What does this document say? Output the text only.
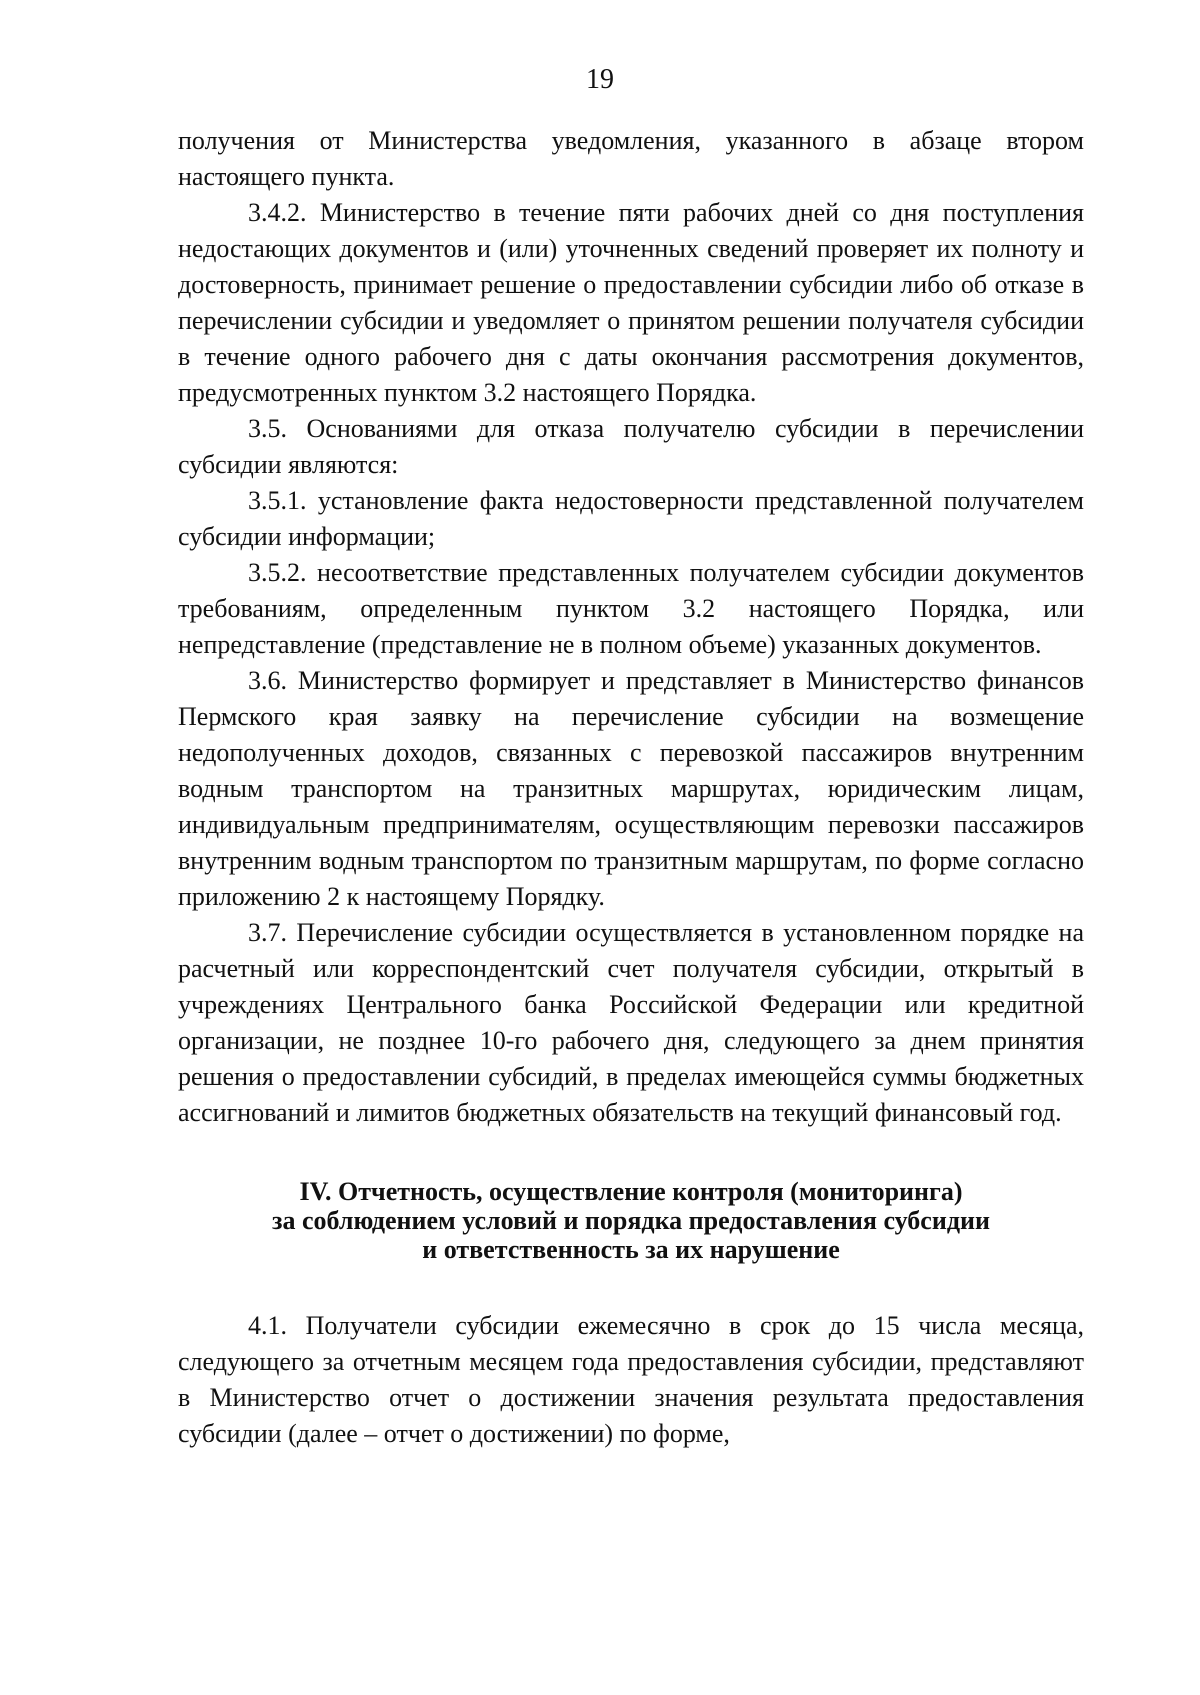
19

получения от Министерства уведомления, указанного в абзаце втором настоящего пункта.

3.4.2. Министерство в течение пяти рабочих дней со дня поступления недостающих документов и (или) уточненных сведений проверяет их полноту и достоверность, принимает решение о предоставлении субсидии либо об отказе в перечислении субсидии и уведомляет о принятом решении получателя субсидии в течение одного рабочего дня с даты окончания рассмотрения документов, предусмотренных пунктом 3.2 настоящего Порядка.

3.5. Основаниями для отказа получателю субсидии в перечислении субсидии являются:

3.5.1. установление факта недостоверности представленной получателем субсидии информации;

3.5.2. несоответствие представленных получателем субсидии документов требованиям, определенным пунктом 3.2 настоящего Порядка, или непредставление (представление не в полном объеме) указанных документов.

3.6. Министерство формирует и представляет в Министерство финансов Пермского края заявку на перечисление субсидии на возмещение недополученных доходов, связанных с перевозкой пассажиров внутренним водным транспортом на транзитных маршрутах, юридическим лицам, индивидуальным предпринимателям, осуществляющим перевозки пассажиров внутренним водным транспортом по транзитным маршрутам, по форме согласно приложению 2 к настоящему Порядку.

3.7. Перечисление субсидии осуществляется в установленном порядке на расчетный или корреспондентский счет получателя субсидии, открытый в учреждениях Центрального банка Российской Федерации или кредитной организации, не позднее 10-го рабочего дня, следующего за днем принятия решения о предоставлении субсидий, в пределах имеющейся суммы бюджетных ассигнований и лимитов бюджетных обязательств на текущий финансовый год.

IV. Отчетность, осуществление контроля (мониторинга)
за соблюдением условий и порядка предоставления субсидии
и ответственность за их нарушение

4.1. Получатели субсидии ежемесячно в срок до 15 числа месяца, следующего за отчетным месяцем года предоставления субсидии, представляют в Министерство отчет о достижении значения результата предоставления субсидии (далее – отчет о достижении) по форме,
